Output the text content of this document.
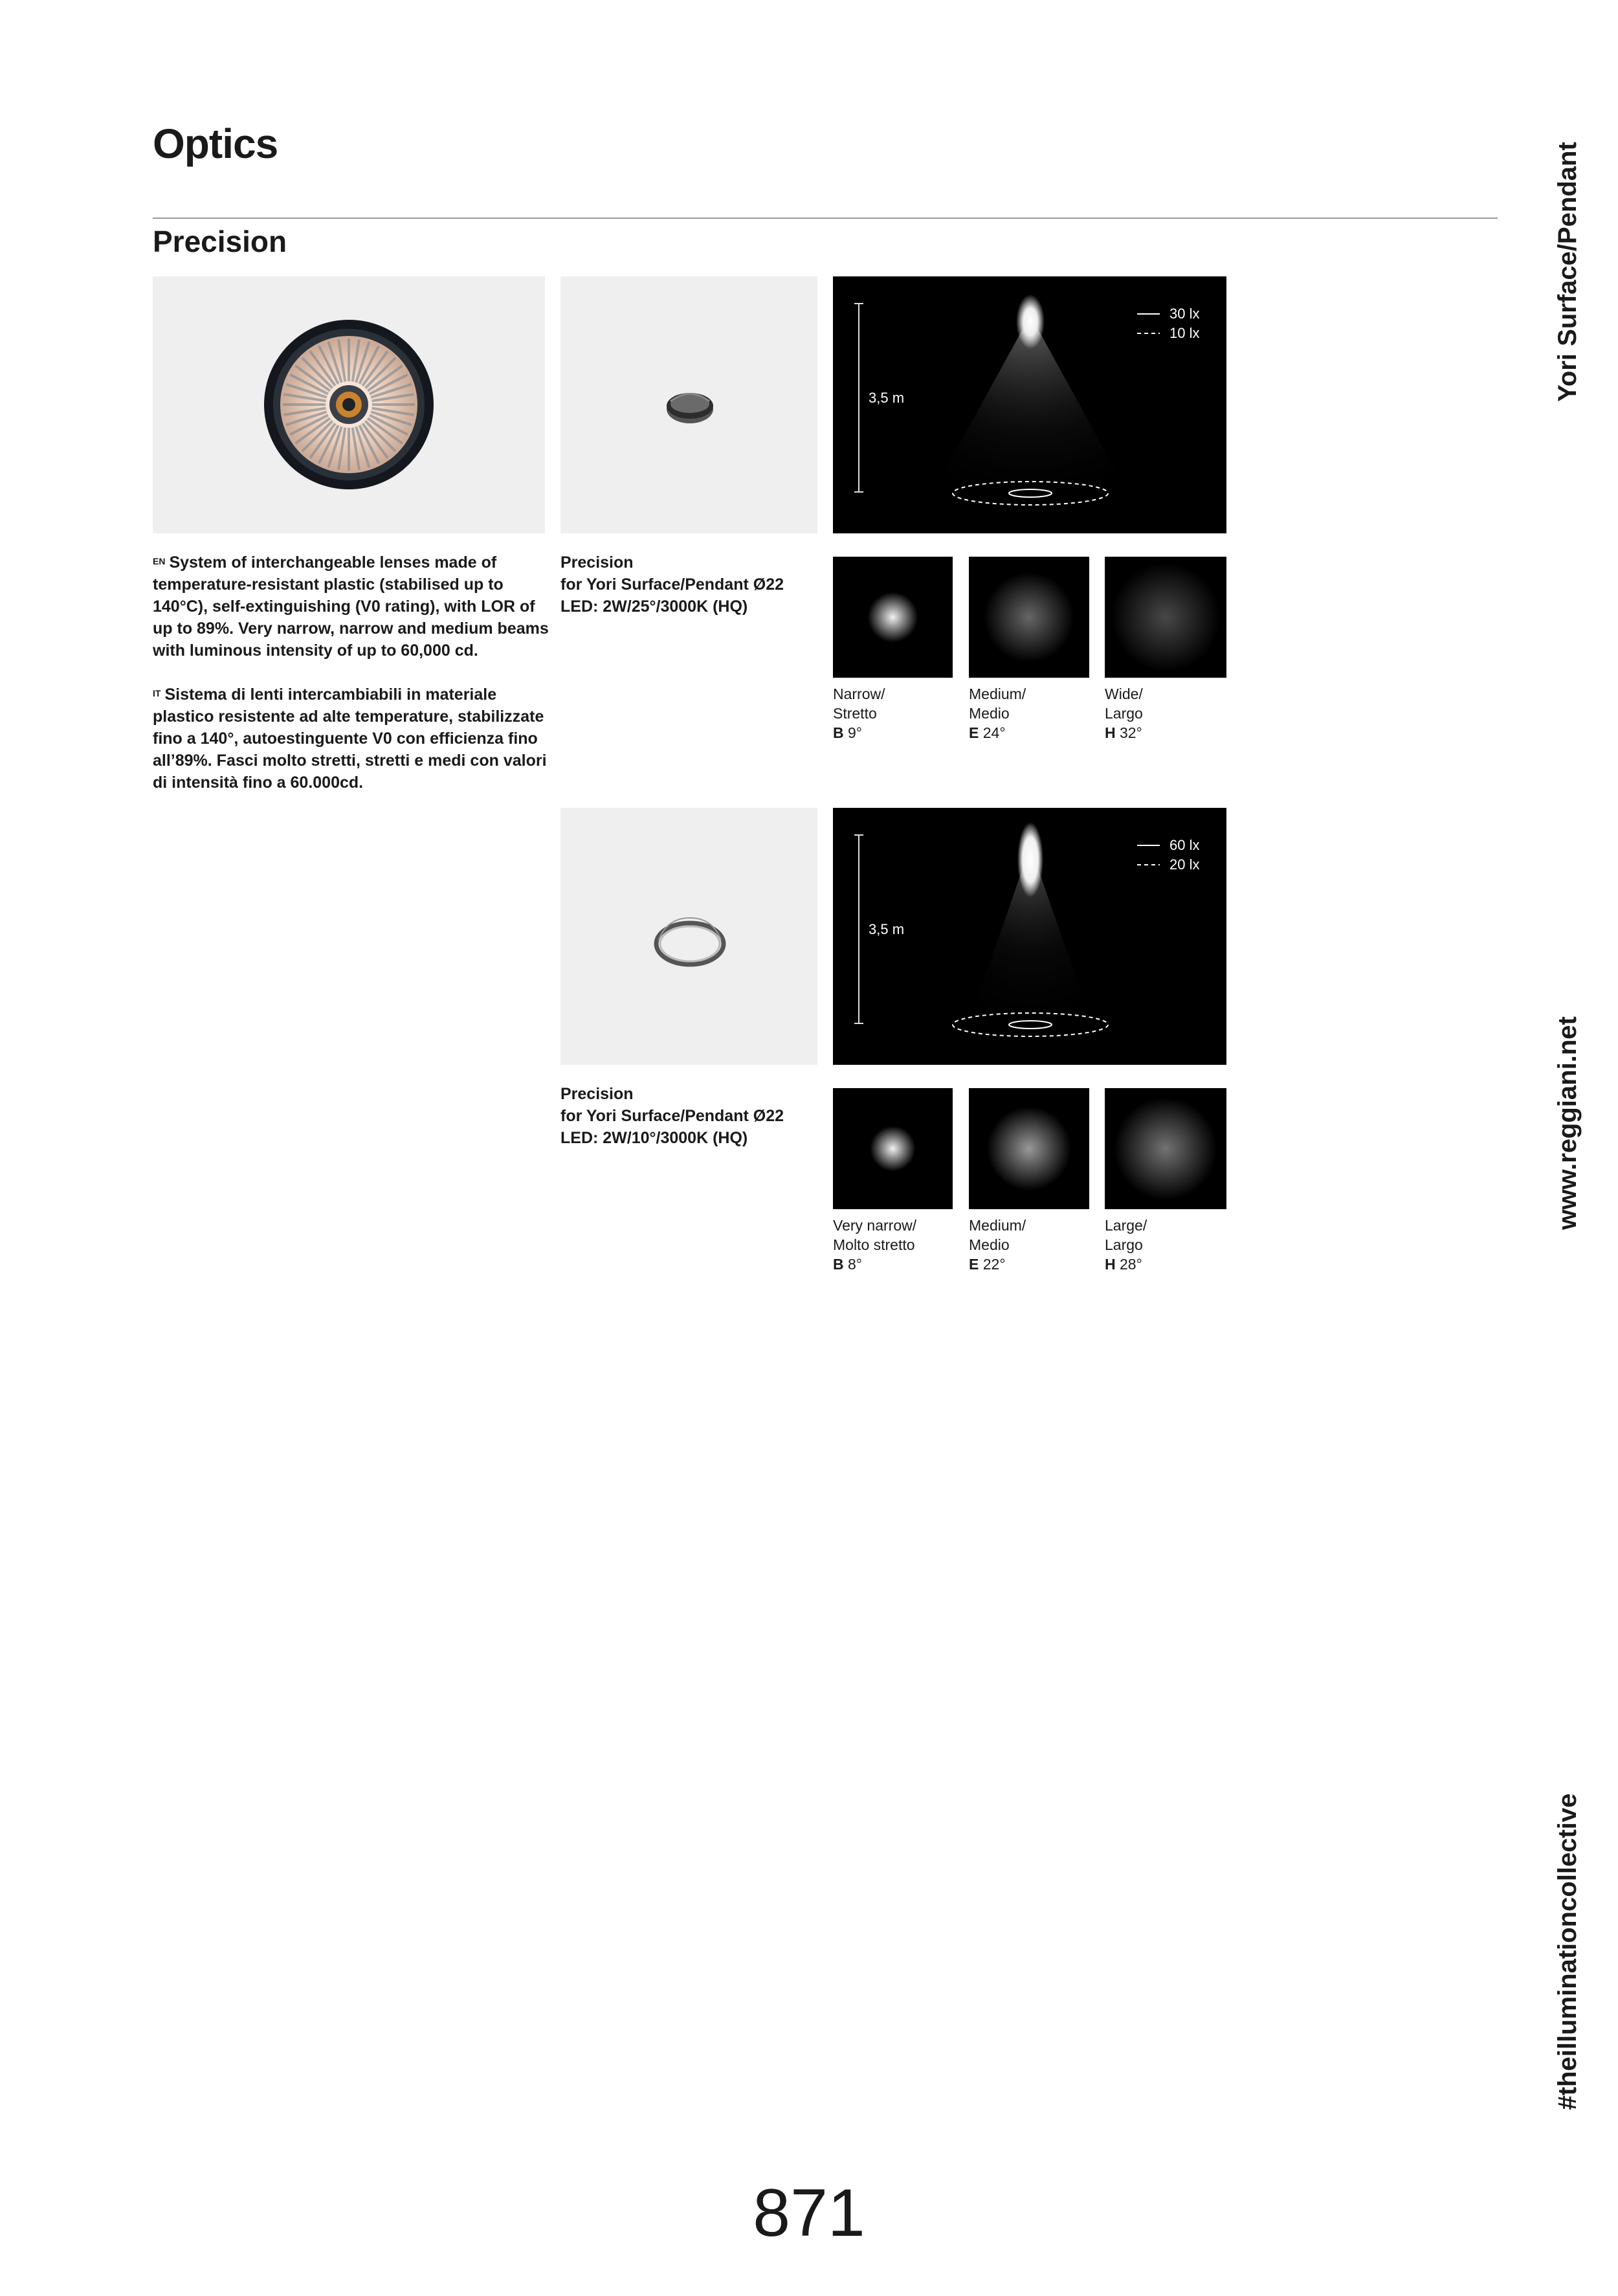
Optics
Precision	Yori Surface/Pendant
www.reggiani.net
#theilluminationcollective
3,5 m
30 lx
10 lx

Precision

for Yori Surface/Pendant Ø22

LED: 2W/25°/3000K (HQ)

Narrow/
Stretto
B 9°
Medium/
Medio
E 24°
Wide/
Largo
H 32°

$^{EN}$ System of interchangeable lenses made of temperature-resistant plastic (stabilised up to 140°C), self-extinguishing (V0 rating), with LOR of up to 89%. Very narrow, narrow and medium beams with luminous intensity of up to 60,000 cd.

$^{IT}$ Sistema di lenti intercambiabili in materiale plastico resistente ad alte temperature, stabilizzate fino a 140°, autoestinguente V0 con efficienza fino all’89%. Fasci molto stretti, stretti e medi con valori di intensità fino a 60.000cd.

3,5 m
60 lx
20 lx

Precision

for Yori Surface/Pendant Ø22

LED: 2W/10°/3000K (HQ)

Very narrow/
Molto stretto
B 8°
Medium/
Medio
E 22°
Large/
Largo
H 28°
871
